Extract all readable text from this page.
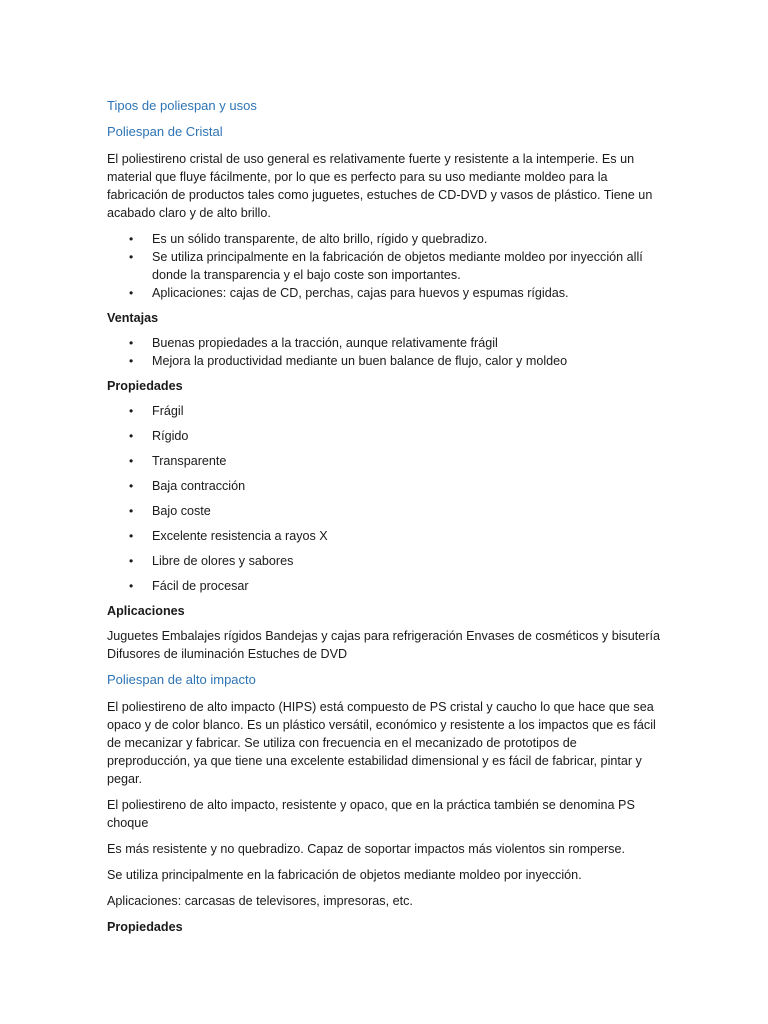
Tipos de poliespan y usos
Poliespan de Cristal

El poliestireno cristal de uso general es relativamente fuerte y resistente a la intemperie. Es un material que fluye fácilmente, por lo que es perfecto para su uso mediante moldeo para la fabricación de productos tales como juguetes, estuches de CD-DVD y vasos de plástico. Tiene un acabado claro y de alto brillo.

•
Es un sólido transparente, de alto brillo, rígido y quebradizo.
•
Se utiliza principalmente en la fabricación de objetos mediante moldeo por inyección allí donde la transparencia y el bajo coste son importantes.
•
Aplicaciones: cajas de CD, perchas, cajas para huevos y espumas rígidas.
Ventajas
•
Buenas propiedades a la tracción, aunque relativamente frágil
•
Mejora la productividad mediante un buen balance de flujo, calor y moldeo
Propiedades
•
Frágil
•
Rígido
•
Transparente
•
Baja contracción
•
Bajo coste
•
Excelente resistencia a rayos X
•
Libre de olores y sabores
•
Fácil de procesar
Aplicaciones

Juguetes Embalajes rígidos Bandejas y cajas para refrigeración Envases de cosméticos y bisutería Difusores de iluminación Estuches de DVD

Poliespan de alto impacto

El poliestireno de alto impacto (HIPS) está compuesto de PS cristal y caucho lo que hace que sea opaco y de color blanco. Es un plástico versátil, económico y resistente a los impactos que es fácil de mecanizar y fabricar. Se utiliza con frecuencia en el mecanizado de prototipos de preproducción, ya que tiene una excelente estabilidad dimensional y es fácil de fabricar, pintar y pegar.

El poliestireno de alto impacto, resistente y opaco, que en la práctica también se denomina PS choque

Es más resistente y no quebradizo. Capaz de soportar impactos más violentos sin romperse.

Se utiliza principalmente en la fabricación de objetos mediante moldeo por inyección.

Aplicaciones: carcasas de televisores, impresoras, etc.

Propiedades
